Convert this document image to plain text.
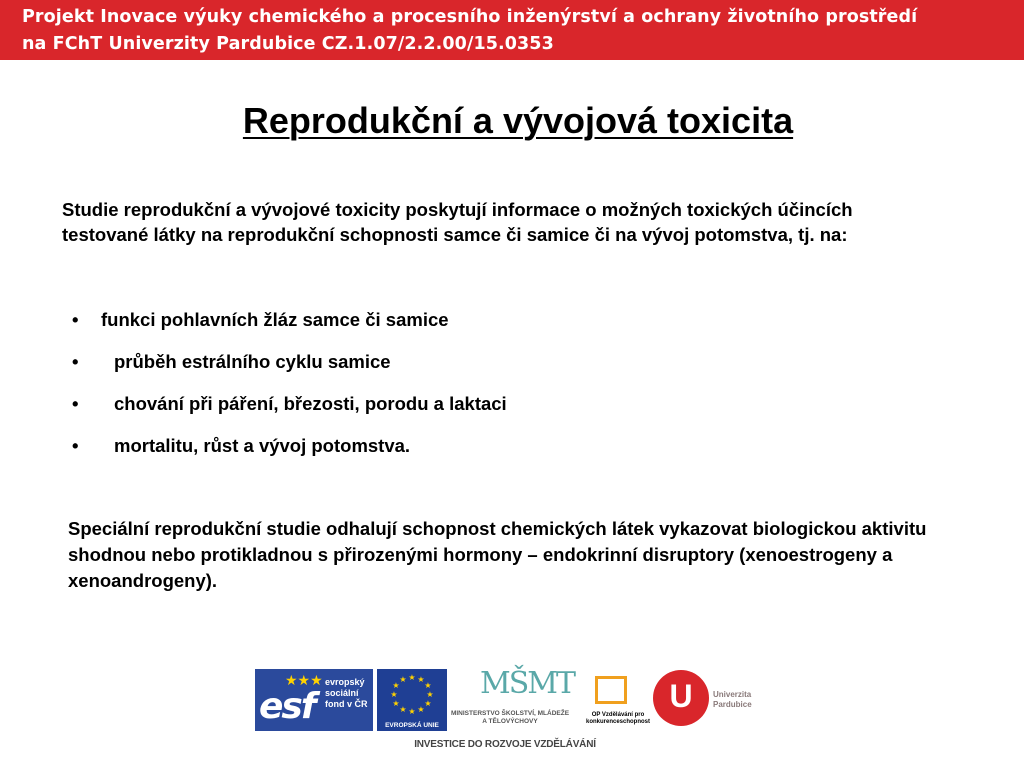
Projekt Inovace výuky chemického a procesního inženýrství a ochrany životního prostředí
na FChT Univerzity Pardubice CZ.1.07/2.2.00/15.0353
Reprodukční a vývojová toxicita
Studie reprodukční a vývojové toxicity poskytují informace o možných toxických účincích testované látky na reprodukční schopnosti samce či samice či na vývoj potomstva, tj. na:
• funkci pohlavních žláz samce či samice
• průběh estrálního cyklu samice
• chování při páření, březosti, porodu a laktaci
• mortalitu, růst a vývoj potomstva.
Speciální reprodukční studie odhalují schopnost chemických látek vykazovat biologickou aktivitu shodnou nebo protikladnou s přirozenými hormony – endokrinní disruptory (xenoestrogeny a xenoandrogeny).
★★★
esf
evropský sociální fond v ČR
★ ★
★
★
★
★
★
★
★
★
★
★
EVROPSKÁ UNIE
MŠMT
MINISTERSTVO ŠKOLSTVÍ, MLÁDEŽE A TĚLOVÝCHOVY
OP Vzdělávání pro konkurenceschopnost
U	Univerzita Pardubice
INVESTICE DO ROZVOJE VZDĚLÁVÁNÍ
